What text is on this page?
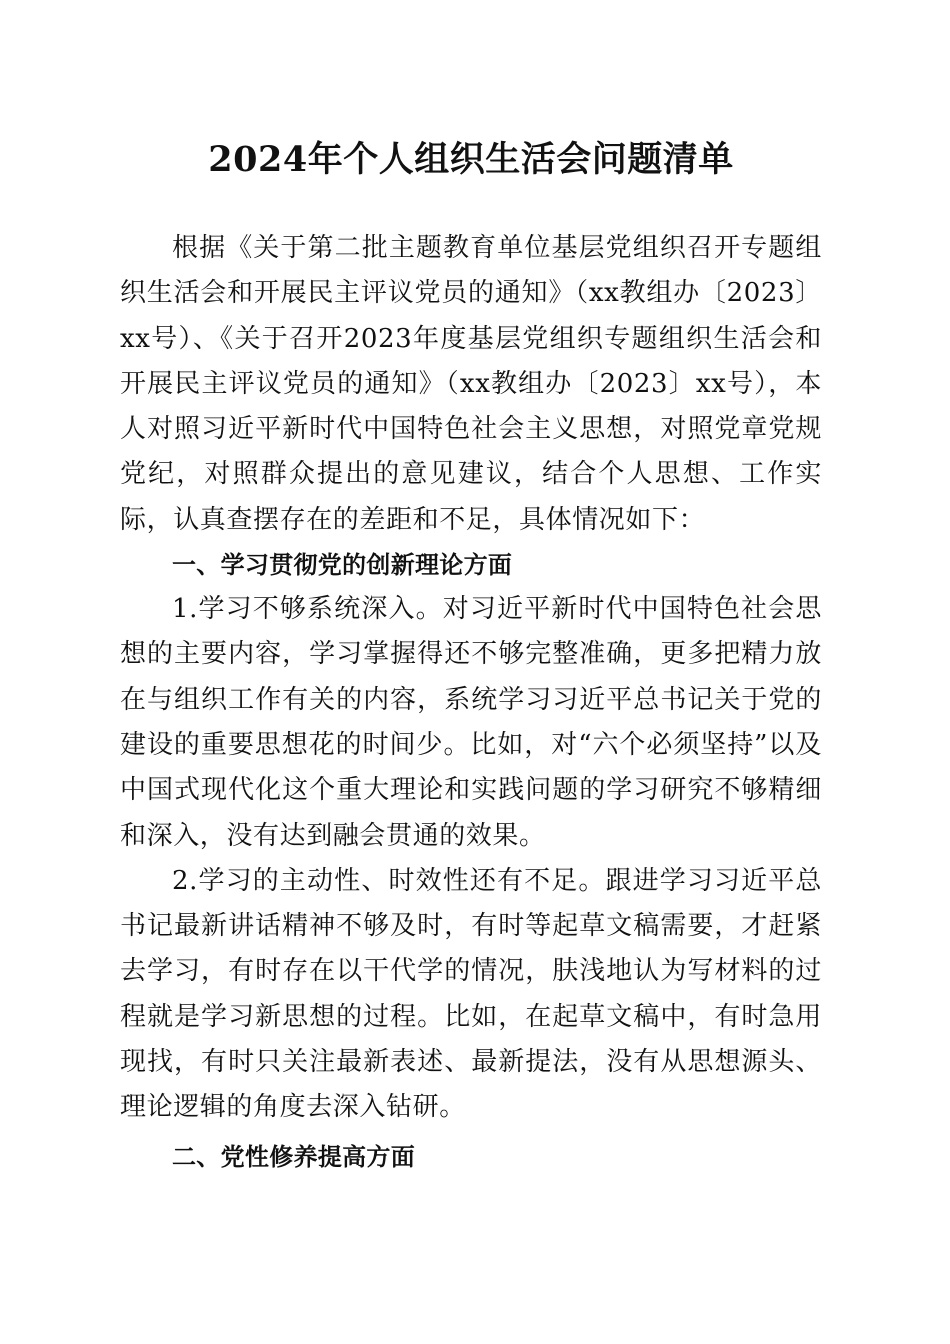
2024年个人组织生活会问题清单

根据《关于第二批主题教育单位基层党组织召开专题组织生活会和开展民主评议党员的通知》（xx教组办〔2023〕xx号）、《关于召开2023年度基层党组织专题组织生活会和开展民主评议党员的通知》（xx教组办〔2023〕xx号），本人对照习近平新时代中国特色社会主义思想，对照党章党规党纪，对照群众提出的意见建议，结合个人思想、工作实际，认真查摆存在的差距和不足，具体情况如下：

一、学习贯彻党的创新理论方面

1.学习不够系统深入。对习近平新时代中国特色社会思想的主要内容，学习掌握得还不够完整准确，更多把精力放在与组织工作有关的内容，系统学习习近平总书记关于党的建设的重要思想花的时间少。比如，对“六个必须坚持”以及中国式现代化这个重大理论和实践问题的学习研究不够精细和深入，没有达到融会贯通的效果。

2.学习的主动性、时效性还有不足。跟进学习习近平总书记最新讲话精神不够及时，有时等起草文稿需要，才赶紧去学习，有时存在以干代学的情况，肤浅地认为写材料的过程就是学习新思想的过程。比如，在起草文稿中，有时急用现找，有时只关注最新表述、最新提法，没有从思想源头、理论逻辑的角度去深入钻研。

二、党性修养提高方面
